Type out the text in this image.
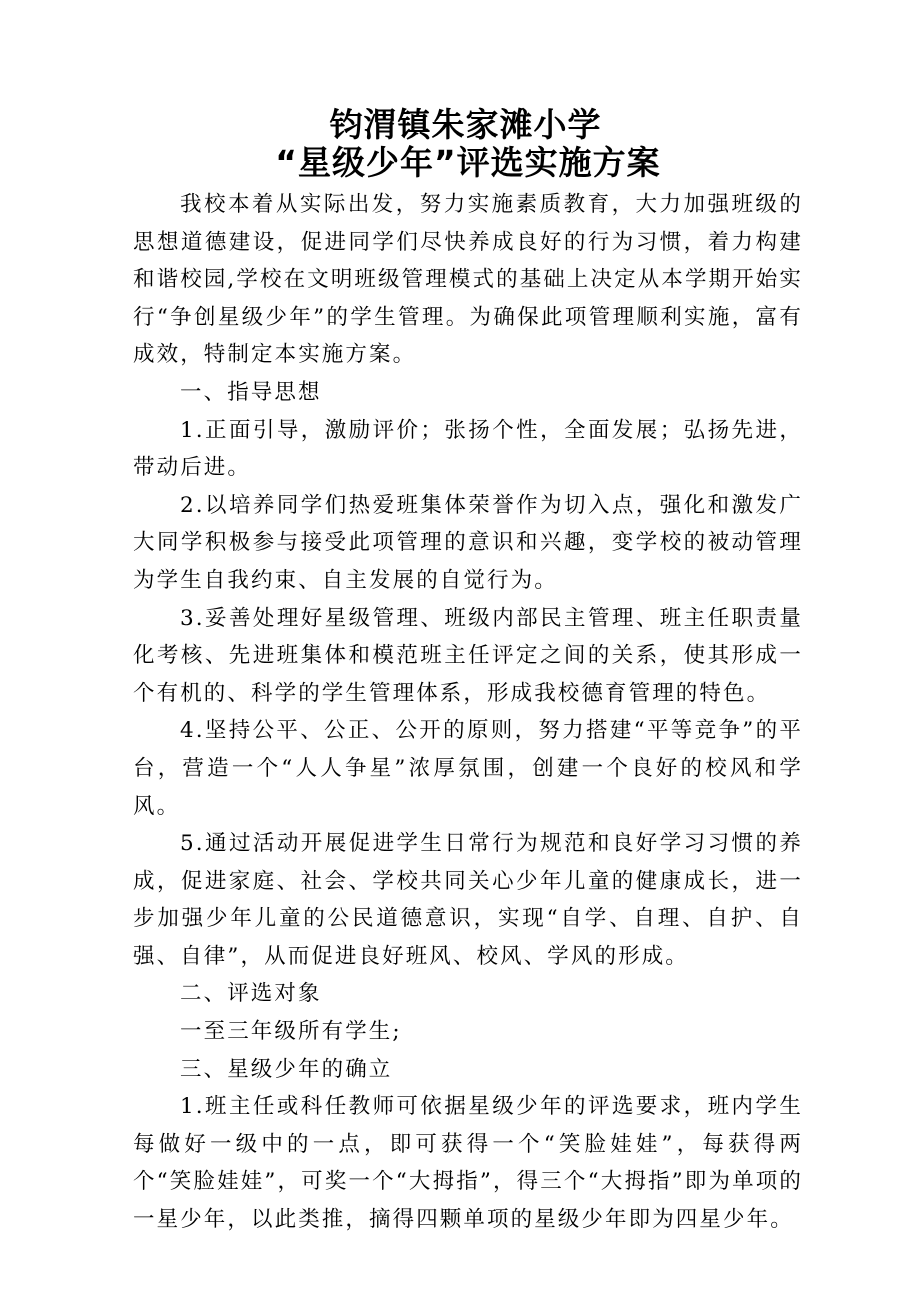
钧渭镇朱家滩小学
“星级少年”评选实施方案

我校本着从实际出发，努力实施素质教育，大力加强班级的思想道德建设，促进同学们尽快养成良好的行为习惯，着力构建和谐校园,学校在文明班级管理模式的基础上决定从本学期开始实行“争创星级少年”的学生管理。为确保此项管理顺利实施，富有成效，特制定本实施方案。

一、指导思想

1.正面引导，激励评价；张扬个性，全面发展；弘扬先进，带动后进。

2.以培养同学们热爱班集体荣誉作为切入点，强化和激发广大同学积极参与接受此项管理的意识和兴趣，变学校的被动管理为学生自我约束、自主发展的自觉行为。

3.妥善处理好星级管理、班级内部民主管理、班主任职责量化考核、先进班集体和模范班主任评定之间的关系，使其形成一个有机的、科学的学生管理体系，形成我校德育管理的特色。

4.坚持公平、公正、公开的原则，努力搭建“平等竞争”的平台，营造一个“人人争星”浓厚氛围，创建一个良好的校风和学风。

5.通过活动开展促进学生日常行为规范和良好学习习惯的养成，促进家庭、社会、学校共同关心少年儿童的健康成长，进一步加强少年儿童的公民道德意识，实现“自学、自理、自护、自强、自律”，从而促进良好班风、校风、学风的形成。

二、评选对象

一至三年级所有学生;

三、星级少年的确立

1.班主任或科任教师可依据星级少年的评选要求，班内学生每做好一级中的一点，即可获得一个“笑脸娃娃”，每获得两个“笑脸娃娃”，可奖一个“大拇指”，得三个“大拇指”即为单项的一星少年，以此类推，摘得四颗单项的星级少年即为四星少年。
